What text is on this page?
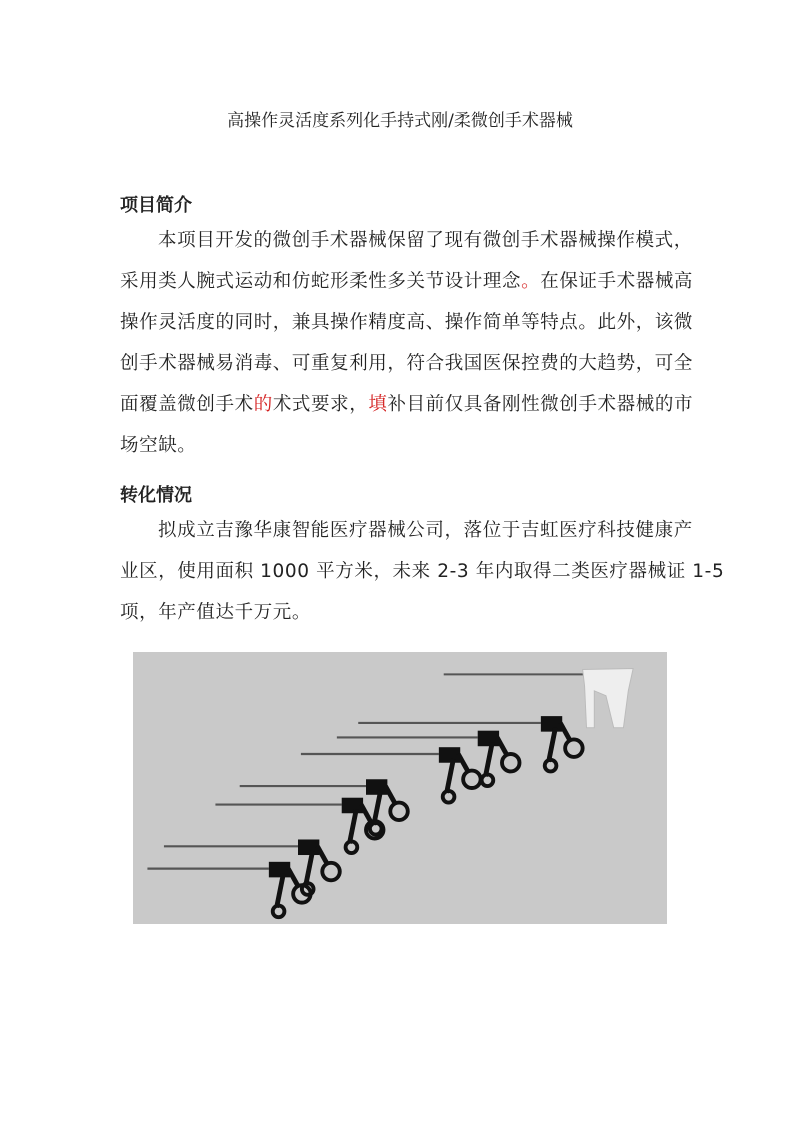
高操作灵活度系列化手持式刚/柔微创手术器械
项目简介
本项目开发的微创手术器械保留了现有微创手术器械操作模式，
采用类人腕式运动和仿蛇形柔性多关节设计理念。在保证手术器械高
操作灵活度的同时，兼具操作精度高、操作简单等特点。此外，该微
创手术器械易消毒、可重复利用，符合我国医保控费的大趋势，可全
面覆盖微创手术的术式要求，填补目前仅具备刚性微创手术器械的市
场空缺。
转化情况
拟成立吉豫华康智能医疗器械公司，落位于吉虹医疗科技健康产
业区，使用面积 1000 平方米，未来 2-3 年内取得二类医疗器械证 1-5
项，年产值达千万元。
